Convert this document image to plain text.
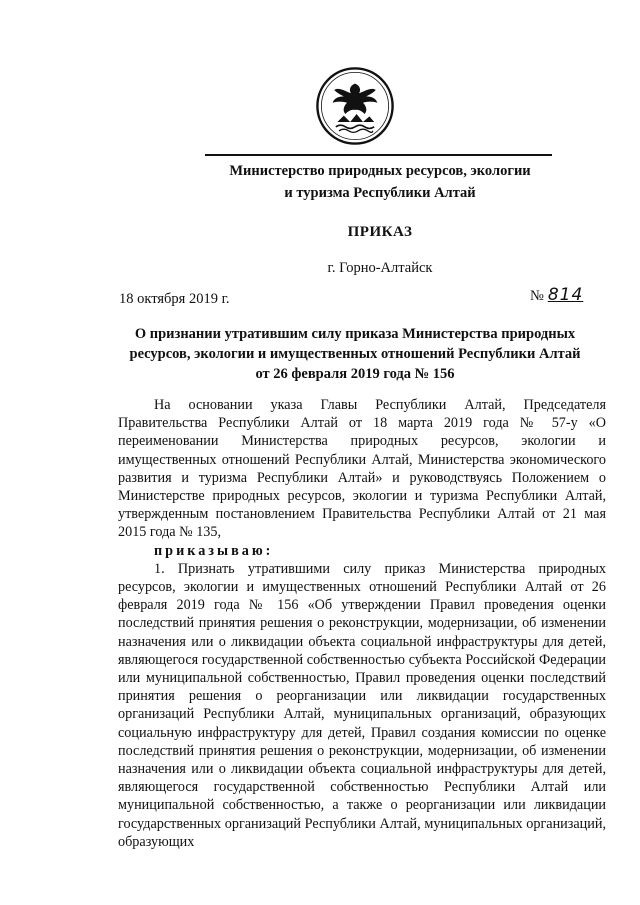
Министерство природных ресурсов, экологии
и туризма Республики Алтай
ПРИКАЗ
г. Горно-Алтайск
18 октября 2019 г.	№ 814
О признании утратившим силу приказа Министерства природных
ресурсов, экологии и имущественных отношений Республики Алтай
от 26 февраля 2019 года № 156

На основании указа Главы Республики Алтай, Председателя Правительства Республики Алтай от 18 марта 2019 года № 57-у «О переименовании Министерства природных ресурсов, экологии и имущественных отношений Республики Алтай, Министерства экономического развития и туризма Республики Алтай» и руководствуясь Положением о Министерстве природных ресурсов, экологии и туризма Республики Алтай, утвержденным постановлением Правительства Республики Алтай от 21 мая 2015 года № 135,

приказываю:

1. Признать утратившими силу приказ Министерства природных ресурсов, экологии и имущественных отношений Республики Алтай от 26 февраля 2019 года № 156 «Об утверждении Правил проведения оценки последствий принятия решения о реконструкции, модернизации, об изменении назначения или о ликвидации объекта социальной инфраструктуры для детей, являющегося государственной собственностью субъекта Российской Федерации или муниципальной собственностью, Правил проведения оценки последствий принятия решения о реорганизации или ликвидации государственных организаций Республики Алтай, муниципальных организаций, образующих социальную инфраструктуру для детей, Правил создания комиссии по оценке последствий принятия решения о реконструкции, модернизации, об изменении назначения или о ликвидации объекта социальной инфраструктуры для детей, являющегося государственной собственностью Республики Алтай или муниципальной собственностью, а также о реорганизации или ликвидации государственных организаций Республики Алтай, муниципальных организаций, образующих
